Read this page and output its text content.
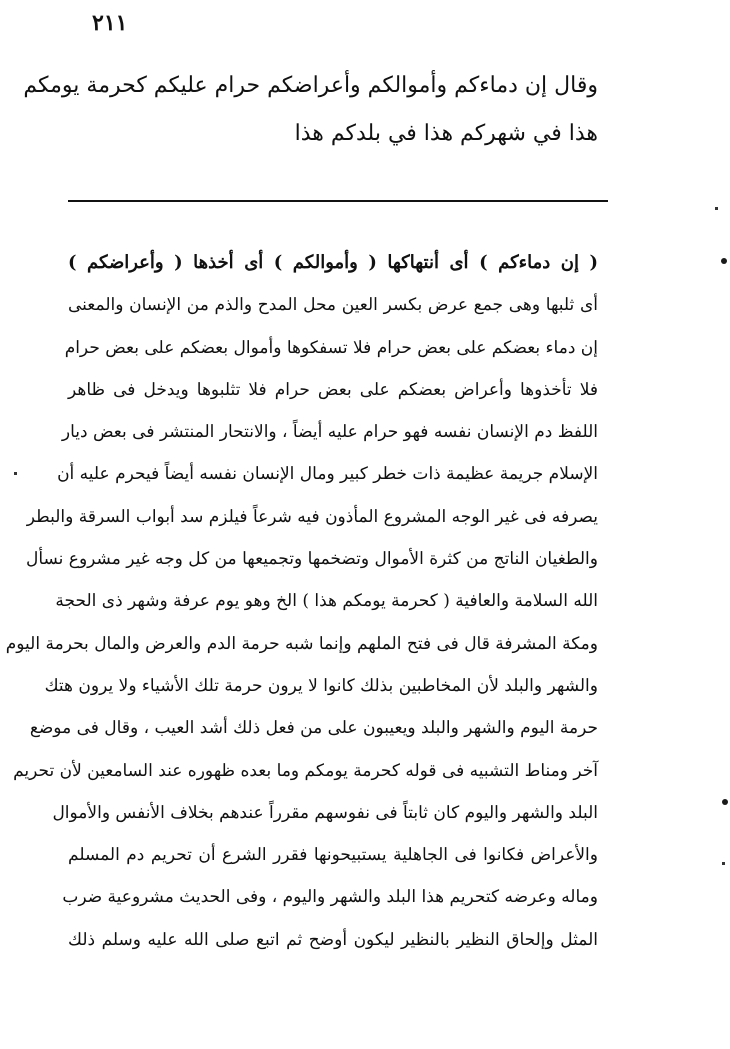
٢١١
وقال إن دماءكم وأموالكم وأعراضكم حرام عليكم كحرمة يومكم
هذا في شهركم هذا في بلدكم هذا
( إن دماءكم ) أى أنتهاكها ( وأموالكم ) أى أخذها ( وأعراضكم )
أى ثلبها وهى جمع عرض بكسر العين محل المدح والذم من الإنسان والمعنى
إن دماء بعضكم على بعض حرام فلا تسفكوها وأموال بعضكم على بعض حرام
فلا تأخذوها وأعراض بعضكم على بعض حرام فلا تثلبوها ويدخل فى ظاهر
اللفظ دم الإنسان نفسه فهو حرام عليه أيضاً ، والانتحار المنتشر فى بعض ديار
الإسلام جريمة عظيمة ذات خطر كبير ومال الإنسان نفسه أيضاً فيحرم عليه أن
يصرفه فى غير الوجه المشروع المأذون فيه شرعاً فيلزم سد أبواب السرقة والبطر
والطغيان الناتج من كثرة الأموال وتضخمها وتجميعها من كل وجه غير مشروع نسأل
الله السلامة والعافية ( كحرمة يومكم هذا ) الخ وهو يوم عرفة وشهر ذى الحجة
ومكة المشرفة قال فى فتح الملهم وإنما شبه حرمة الدم والعرض والمال بحرمة اليوم
والشهر والبلد لأن المخاطبين بذلك كانوا لا يرون حرمة تلك الأشياء ولا يرون هتك
حرمة اليوم والشهر والبلد ويعيبون على من فعل ذلك أشد العيب ، وقال فى موضع
آخر ومناط التشبيه فى قوله كحرمة يومكم وما بعده ظهوره عند السامعين لأن تحريم
البلد والشهر واليوم كان ثابتاً فى نفوسهم مقرراً عندهم بخلاف الأنفس والأموال
والأعراض فكانوا فى الجاهلية يستبيحونها فقرر الشرع أن تحريم دم المسلم
وماله وعرضه كتحريم هذا البلد والشهر واليوم ، وفى الحديث مشروعية ضرب
المثل وإلحاق النظير بالنظير ليكون أوضح ثم اتبع صلى الله عليه وسلم ذلك
